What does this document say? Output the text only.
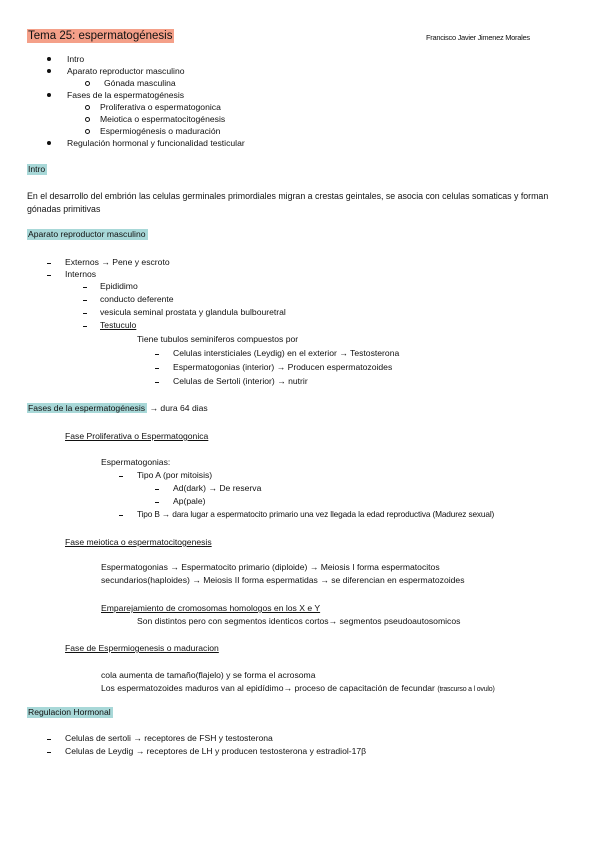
Tema 25: espermatogénesis	Francisco Javier Jimenez Morales
Intro
Aparato reproductor masculino
Gónada masculina
Fases de la espermatogénesis
Proliferativa o espermatogonica
Meiotica o espermatocitogénesis
Espermiogénesis o maduración
Regulación hormonal y funcionalidad testicular
Intro
En el desarrollo del embrión las celulas germinales primordiales migran a crestas geintales, se asocia con celulas somaticas y forman gónadas primitivas
Aparato reproductor masculino
Externos → Pene y escroto
Internos
Epididimo
conducto deferente
vesicula seminal prostata y glandula bulbouretral
Testuculo
Tiene tubulos seminiferos compuestos por
Celulas intersticiales (Leydig) en el exterior → Testosterona
Espermatogonias (interior) → Producen espermatozoides
Celulas de Sertoli (interior) → nutrir
Fases de la espermatogénesis → dura 64 dias
Fase Proliferativa o Espermatogonica
Espermatogonias:
Tipo A (por mitoisis)
Ad(dark) → De reserva
Ap(pale)
Tipo B → dara lugar a espermatocito primario una vez llegada la edad reproductiva (Madurez sexual)
Fase meiotica o espermatocitogenesis
Espermatogonias → Espermatocito primario (diploide) → Meiosis I forma espermatocitos
secundarios(haploides) → Meiosis II forma espermatidas → se diferencian en espermatozoides
Emparejamiento de cromosomas homologos en los X e Y
Son distintos pero con segmentos identicos cortos→ segmentos pseudoautosomicos
Fase de Espermiogenesis o maduracion
cola aumenta de tamaño(flajelo) y se forma el acrosoma
Los espermatozoides maduros van al epidídimo→ proceso de capacitación de fecundar (trascurso a l ovulo)
Regulacion Hormonal
Celulas de sertoli → receptores de FSH y testosterona
Celulas de Leydig → receptores de LH y producen testosterona y estradiol-17β
